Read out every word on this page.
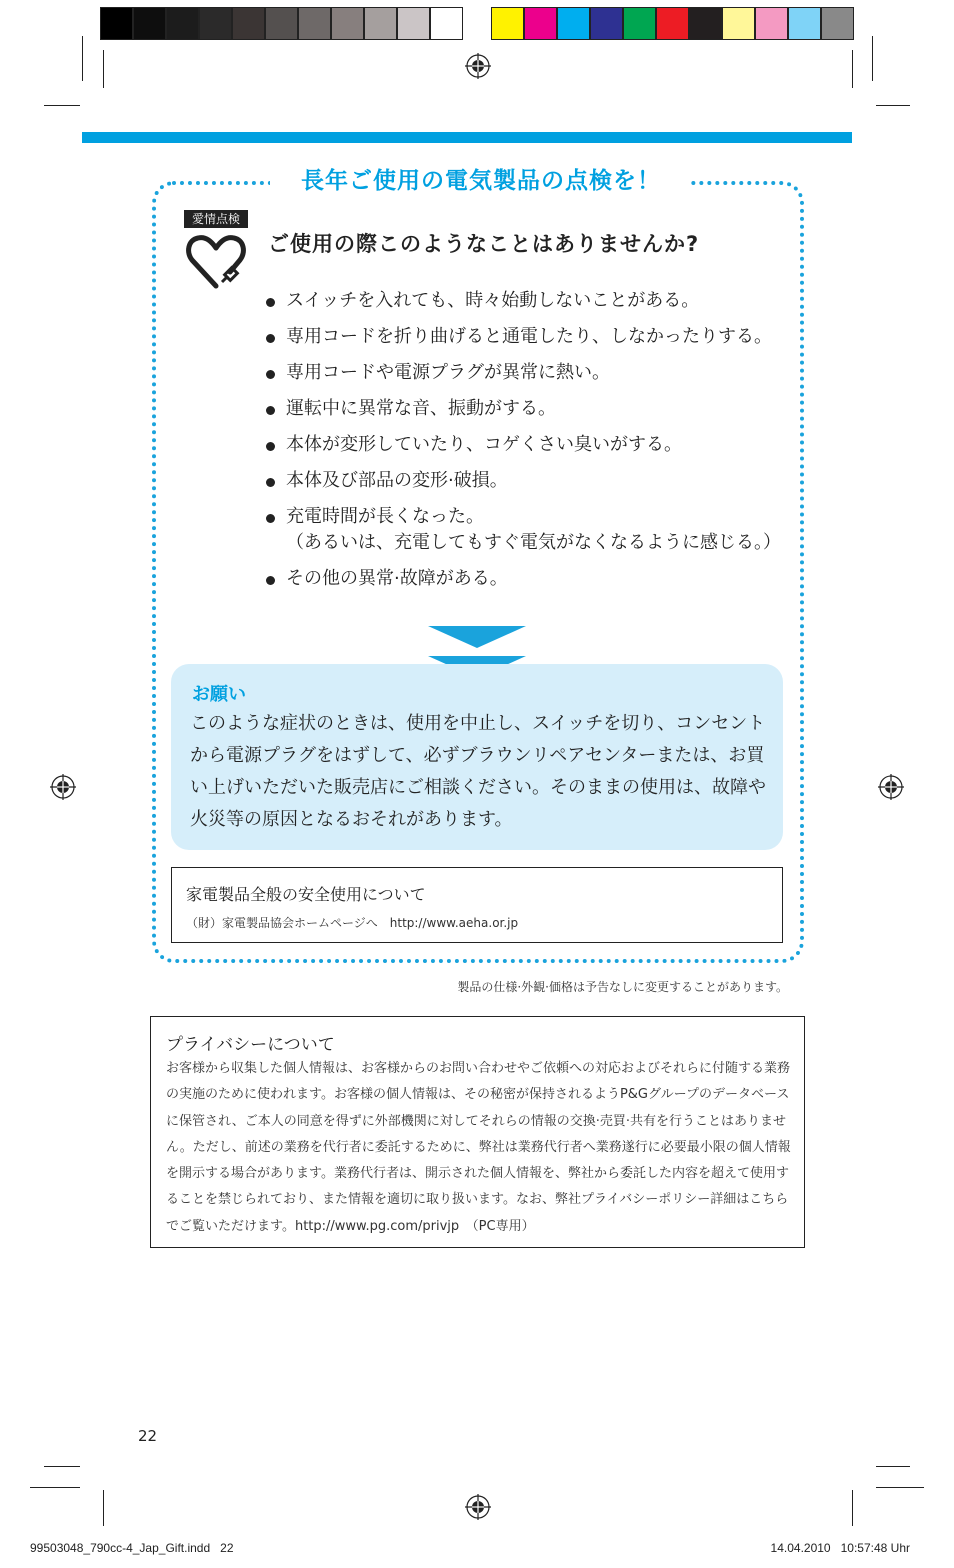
長年ご使用の電気製品の点検を！
愛情点検
ご使用の際このようなことはありませんか?
スイッチを入れても、時々始動しないことがある。
専用コードを折り曲げると通電したり、しなかったりする。
専用コードや電源プラグが異常に熱い。
運転中に異常な音、振動がする。
本体が変形していたり、コゲくさい臭いがする。
本体及び部品の変形·破損。
充電時間が長くなった。
（あるいは、充電してもすぐ電気がなくなるように感じる。）
その他の異常·故障がある。
お願い
このような症状のときは、使用を中止し、スイッチを切り、コンセントから電源プラグをはずして、必ずブラウンリペアセンターまたは、お買い上げいただいた販売店にご相談ください。そのままの使用は、故障や火災等の原因となるおそれがあります。
家電製品全般の安全使用について
（財）家電製品協会ホームページへ　http://www.aeha.or.jp
製品の仕様·外観·価格は予告なしに変更することがあります。
プライバシーについて
お客様から収集した個人情報は、お客様からのお問い合わせやご依頼への対応およびそれらに付随する業務の実施のために使われます。お客様の個人情報は、その秘密が保持されるようP&Gグループのデータベースに保管され、ご本人の同意を得ずに外部機関に対してそれらの情報の交換·売買·共有を行うことはありません。ただし、前述の業務を代行者に委託するために、弊社は業務代行者へ業務遂行に必要最小限の個人情報を開示する場合があります。業務代行者は、開示された個人情報を、弊社から委託した内容を超えて使用することを禁じられており、また情報を適切に取り扱います。なお、弊社プライバシーポリシー詳細はこちらでご覧いただけます。http://www.pg.com/privjp　（PC専用）
22
99503048_790cc-4_Jap_Gift.indd   22	14.04.2010   10:57:48 Uhr
